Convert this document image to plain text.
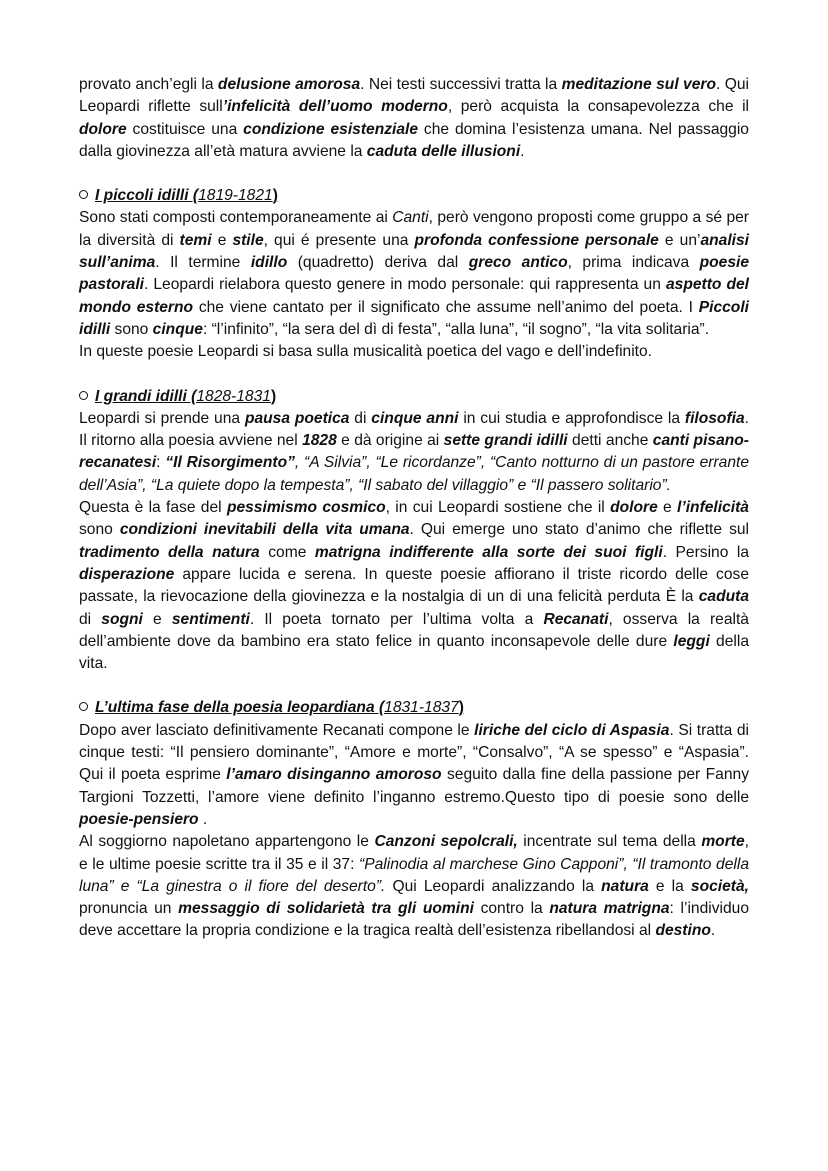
provato anch’egli la delusione amorosa. Nei testi successivi tratta la meditazione sul vero. Qui Leopardi riflette sull’infelicità dell’uomo moderno, però acquista la consapevolezza che il dolore costituisce una condizione esistenziale che domina l’esistenza umana. Nel passaggio dalla giovinezza all’età matura avviene la caduta delle illusioni.

I piccoli idilli (1819-1821)

Sono stati composti contemporaneamente ai Canti, però vengono proposti come gruppo a sé per la diversità di temi e stile, qui é presente una profonda confessione personale e un’analisi sull’anima. Il termine idillo (quadretto) deriva dal greco antico, prima indicava poesie pastorali. Leopardi rielabora questo genere in modo personale: qui rappresenta un aspetto del mondo esterno che viene cantato per il significato che assume nell’animo del poeta. I Piccoli idilli sono cinque: “l’infinito”, “la sera del dì di festa”, “alla luna”, “il sogno”, “la vita solitaria”.

In queste poesie Leopardi si basa sulla musicalità poetica del vago e dell’indefinito.

I grandi idilli (1828-1831)

Leopardi si prende una pausa poetica di cinque anni in cui studia e approfondisce la filosofia. Il ritorno alla poesia avviene nel 1828 e dà origine ai sette grandi idilli detti anche canti pisano-recanatesi: “Il Risorgimento”, “A Silvia”, “Le ricordanze”, “Canto notturno di un pastore errante dell’Asia”, “La quiete dopo la tempesta”, “Il sabato del villaggio” e “Il passero solitario”.

Questa è la fase del pessimismo cosmico, in cui Leopardi sostiene che il dolore e l’infelicità sono condizioni inevitabili della vita umana. Qui emerge uno stato d’animo che riflette sul tradimento della natura come matrigna indifferente alla sorte dei suoi figli. Persino la disperazione appare lucida e serena. In queste poesie affiorano il triste ricordo delle cose passate, la rievocazione della giovinezza e la nostalgia di un di una felicità perduta È la caduta di sogni e sentimenti. Il poeta tornato per l’ultima volta a Recanati, osserva la realtà dell’ambiente dove da bambino era stato felice in quanto inconsapevole delle dure leggi della vita.

L’ultima fase della poesia leopardiana (1831-1837)

Dopo aver lasciato definitivamente Recanati compone le liriche del ciclo di Aspasia. Si tratta di cinque testi: “Il pensiero dominante”, “Amore e morte”, “Consalvo”, “A se spesso” e “Aspasia”. Qui il poeta esprime l’amaro disinganno amoroso seguito dalla fine della passione per Fanny Targioni Tozzetti, l’amore viene definito l’inganno estremo.Questo tipo di poesie sono delle poesie-pensiero .

Al soggiorno napoletano appartengono le Canzoni sepolcrali, incentrate sul tema della morte, e le ultime poesie scritte tra il 35 e il 37: “Palinodia al marchese Gino Capponi”, “Il tramonto della luna” e “La ginestra o il fiore del deserto”. Qui Leopardi analizzando la natura e la società, pronuncia un messaggio di solidarietà tra gli uomini contro la natura matrigna: l’individuo deve accettare la propria condizione e la tragica realtà dell’esistenza ribellandosi al destino.
